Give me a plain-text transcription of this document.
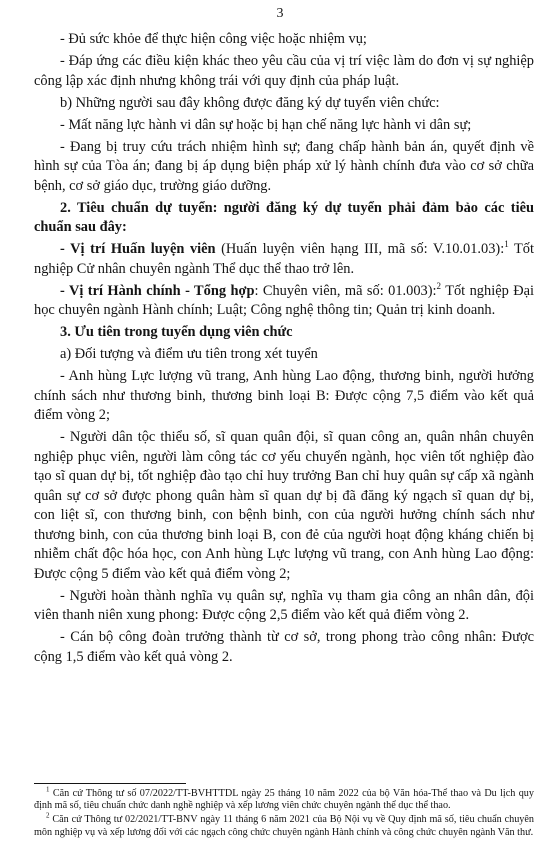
3

- Đủ sức khỏe để thực hiện công việc hoặc nhiệm vụ;

- Đáp ứng các điều kiện khác theo yêu cầu của vị trí việc làm do đơn vị sự nghiệp công lập xác định nhưng không trái với quy định của pháp luật.

b) Những người sau đây không được đăng ký dự tuyển viên chức:

- Mất năng lực hành vi dân sự hoặc bị hạn chế năng lực hành vi dân sự;

- Đang bị truy cứu trách nhiệm hình sự; đang chấp hành bản án, quyết định về hình sự của Tòa án; đang bị áp dụng biện pháp xử lý hành chính đưa vào cơ sở chữa bệnh, cơ sở giáo dục, trường giáo dưỡng.

2. Tiêu chuẩn dự tuyển: người đăng ký dự tuyển phải đảm bảo các tiêu chuẩn sau đây:

- Vị trí Huấn luyện viên (Huấn luyện viên hạng III, mã số: V.10.01.03):$^1$ Tốt nghiệp Cử nhân chuyên ngành Thể dục thể thao trở lên.

- Vị trí Hành chính - Tổng hợp: Chuyên viên, mã số: 01.003):$^2$ Tốt nghiệp Đại học chuyên ngành Hành chính; Luật; Công nghệ thông tin; Quản trị kinh doanh.

3. Ưu tiên trong tuyển dụng viên chức

a) Đối tượng và điểm ưu tiên trong xét tuyển

- Anh hùng Lực lượng vũ trang, Anh hùng Lao động, thương binh, người hưởng chính sách như thương binh, thương binh loại B: Được cộng 7,5 điểm vào kết quả điểm vòng 2;

- Người dân tộc thiểu số, sĩ quan quân đội, sĩ quan công an, quân nhân chuyên nghiệp phục viên, người làm công tác cơ yếu chuyển ngành, học viên tốt nghiệp đào tạo sĩ quan dự bị, tốt nghiệp đào tạo chỉ huy trưởng Ban chỉ huy quân sự cấp xã ngành quân sự cơ sở được phong quân hàm sĩ quan dự bị đã đăng ký ngạch sĩ quan dự bị, con liệt sĩ, con thương binh, con bệnh binh, con của người hưởng chính sách như thương binh, con của thương binh loại B, con đẻ của người hoạt động kháng chiến bị nhiễm chất độc hóa học, con Anh hùng Lực lượng vũ trang, con Anh hùng Lao động: Được cộng 5 điểm vào kết quả điểm vòng 2;

- Người hoàn thành nghĩa vụ quân sự, nghĩa vụ tham gia công an nhân dân, đội viên thanh niên xung phong: Được cộng 2,5 điểm vào kết quả điểm vòng 2.

- Cán bộ công đoàn trưởng thành từ cơ sở, trong phong trào công nhân: Được cộng 1,5 điểm vào kết quả vòng 2.

$^1$ Căn cứ Thông tư số 07/2022/TT-BVHTTDL ngày 25 tháng 10 năm 2022 của bộ Văn hóa-Thể thao và Du lịch quy định mã số, tiêu chuẩn chức danh nghề nghiệp và xếp lương viên chức chuyên ngành thể dục thể thao.

$^2$ Căn cứ Thông tư 02/2021/TT-BNV ngày 11 tháng 6 năm 2021 của Bộ Nội vụ về Quy định mã số, tiêu chuẩn chuyên môn nghiệp vụ và xếp lương đối với các ngạch công chức chuyên ngành Hành chính và công chức chuyên ngành Văn thư.
